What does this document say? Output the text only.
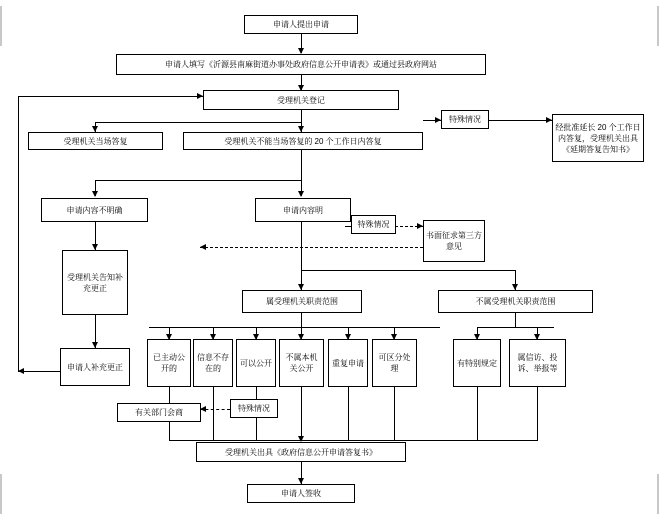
申请人提出申请
申请人填写《沂源县南麻街道办事处政府信息公开申请表》或通过县政府网站
受理机关登记
受理机关当场答复	受理机关不能当场答复的 20 个工作日内答复
特殊情况
经批准延长 20 个工作日内答复，受理机关出具《延期答复告知书》
申请内容不明确	申请内容明
特殊情况
书面征求第三方意见
受理机关告知补充更正
属受理机关职责范围	不属受理机关职责范围
申请人补充更正
已主动公开的
信息不存在的
可以公开
不属本机关公开
重复申请
可区分处理
有特别规定
属信访、投诉、举报等
有关部门会商	特殊情况
受理机关出具《政府信息公开申请答复书》
申请人签收
